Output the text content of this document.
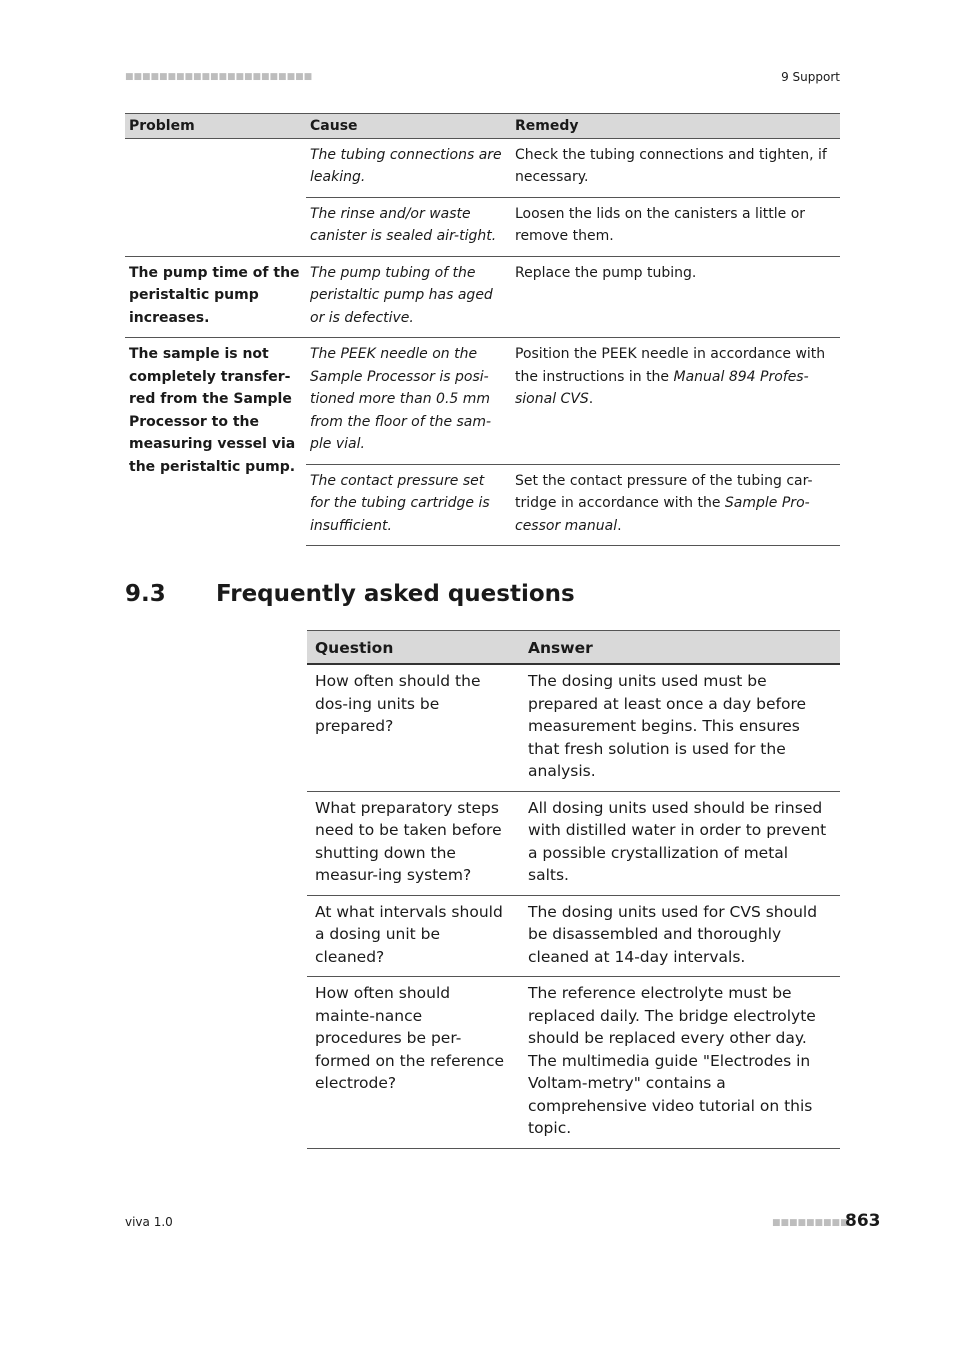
■■■■■■■■■■■■■■■■■■■■■■	9 Support
Problem	Cause	Remedy
	The tubing connections are leaking.	Check the tubing connections and tighten, if necessary.
	The rinse and/or waste canister is sealed air-tight.	Loosen the lids on the canisters a little or remove them.
The pump time of the peristaltic pump increases.	The pump tubing of the peristaltic pump has aged or is defective.	Replace the pump tubing.
The sample is not completely transfer-red from the Sample Processor to the measuring vessel via the peristaltic pump.	The PEEK needle on the Sample Processor is posi-tioned more than 0.5 mm from the floor of the sam-ple vial.	Position the PEEK needle in accordance with the instructions in the Manual 894 Profes-sional CVS.
	The contact pressure set for the tubing cartridge is insufficient.	Set the contact pressure of the tubing car-tridge in accordance with the Sample Pro-cessor manual.
9.3 Frequently asked questions
Question	Answer
How often should the dos-ing units be prepared?	The dosing units used must be prepared at least once a day before measurement begins. This ensures that fresh solution is used for the analysis.
What preparatory steps need to be taken before shutting down the measur-ing system?	All dosing units used should be rinsed with distilled water in order to prevent a possible crystallization of metal salts.
At what intervals should a dosing unit be cleaned?	The dosing units used for CVS should be disassembled and thoroughly cleaned at 14-day intervals.
How often should mainte-nance procedures be per-formed on the reference electrode?	The reference electrolyte must be replaced daily. The bridge electrolyte should be replaced every other day. The multimedia guide "Electrodes in Voltam-metry" contains a comprehensive video tutorial on this topic.
viva 1.0	■■■■■■■■■
863
